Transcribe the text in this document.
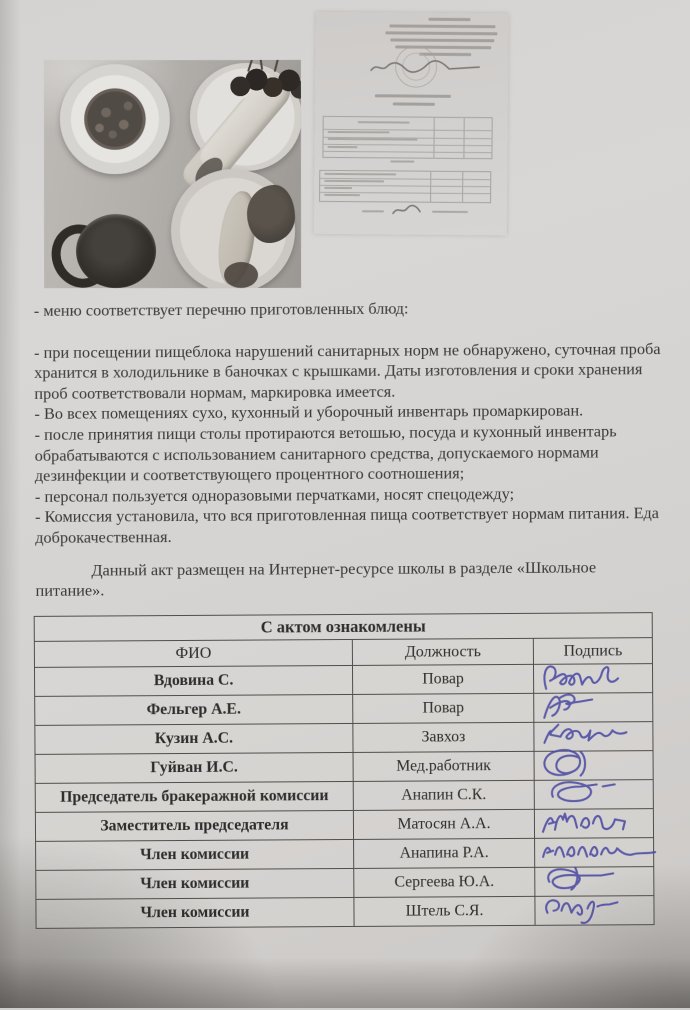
- меню соответствует перечню приготовленных блюд:

- при посещении пищеблока нарушений санитарных норм не обнаружено, суточная проба хранится в холодильнике в баночках с крышками. Даты изготовления и сроки хранения проб соответствовали нормам, маркировка имеется.

- Во всех помещениях сухо, кухонный и уборочный инвентарь промаркирован.

- после принятия пищи столы протираются ветошью, посуда и кухонный инвентарь обрабатываются с использованием санитарного средства, допускаемого нормами дезинфекции и соответствующего процентного соотношения;

- персонал пользуется одноразовыми перчатками, носят спецодежду;

- Комиссия установила, что вся приготовленная пища соответствует нормам питания. Еда доброкачественная.

Данный акт размещен на Интернет-ресурсе школы в разделе «Школьное питание».

С актом ознакомлены
ФИО	Должность	Подпись
Вдовина С.	Повар
Фельгер А.Е.	Повар
Кузин А.С.	Завхоз
Гуйван И.С.	Мед.работник
Председатель бракеражной комиссии	Анапин С.К.
Заместитель председателя	Матосян А.А.
Член комиссии	Анапина Р.А.
Член комиссии	Сергеева Ю.А.
Член комиссии	Штель С.Я.
